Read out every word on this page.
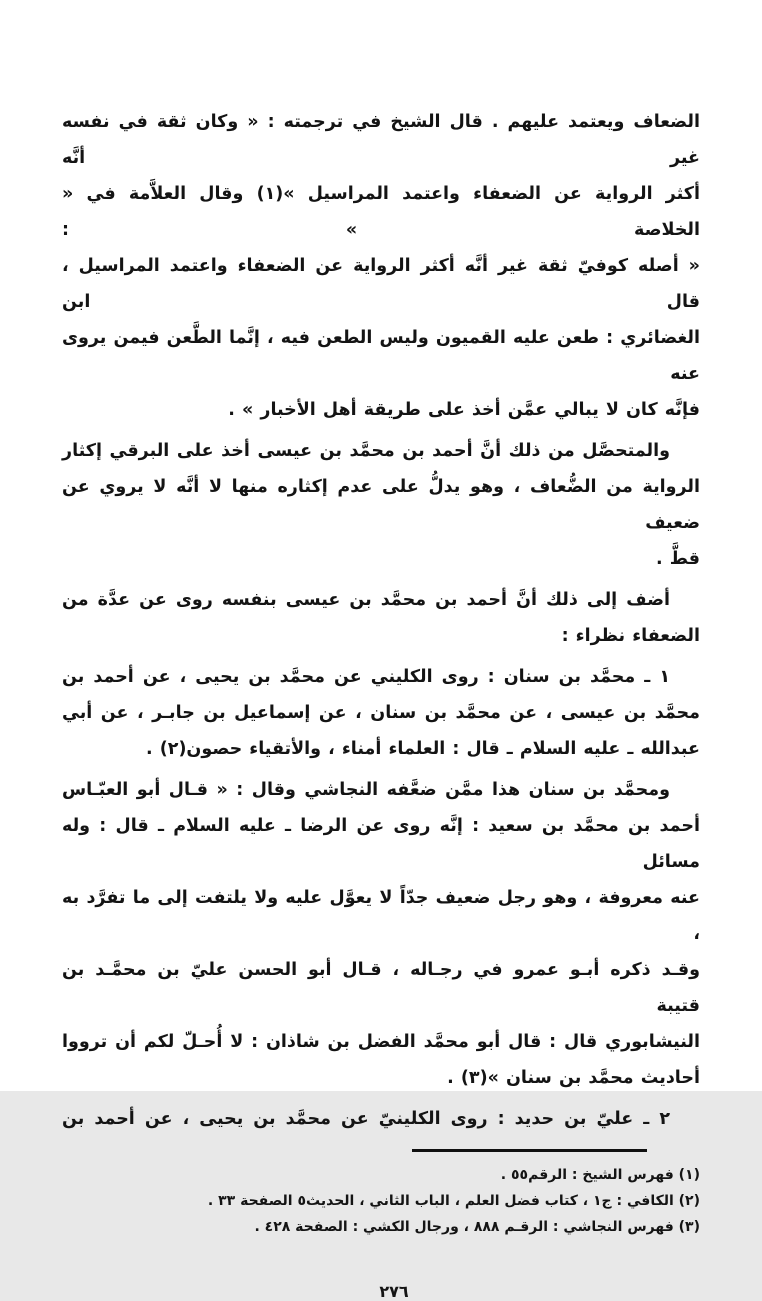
الضعاف ويعتمد عليهم . قال الشيخ في ترجمته : « وكان ثقة في نفسه غير أنَّه
أكثر الرواية عن الضعفاء واعتمد المراسيل »(١) وقال العلاَّمة في « الخلاصة » :
« أصله كوفيّ ثقة غير أنَّه أكثر الرواية عن الضعفاء واعتمد المراسيل ، قال ابن
الغضائري : طعن عليه القميون وليس الطعن فيه ، إنَّما الطَّعن فيمن يروى عنه
فإنَّه كان لا يبالي عمَّن أخذ على طريقة أهل الأخبار » .
والمتحصَّل من ذلك أنَّ أحمد بن محمَّد بن عيسى أخذ على البرقي إكثار
الرواية من الضُّعاف ، وهو يدلُّ على عدم إكثاره منها لا أنَّه لا يروي عن ضعيف
قطَّ .
أضف إلى ذلك أنَّ أحمد بن محمَّد بن عيسى بنفسه روى عن عدَّة من
الضعفاء نظراء :
١ ـ محمَّد بن سنان : روى الكليني عن محمَّد بن يحيى ، عن أحمد بن
محمَّد بن عيسى ، عن محمَّد بن سنان ، عن إسماعيل بن جابـر ، عن أبي
عبدالله ـ عليه السلام ـ قال : العلماء أمناء ، والأتقياء حصون(٢) .
ومحمَّد بن سنان هذا ممَّن ضعَّفه النجاشي وقال : « قـال أبو العبّـاس
أحمد بن محمَّد بن سعيد : إنَّه روى عن الرضا ـ عليه السلام ـ قال : وله مسائل
عنه معروفة ، وهو رجل ضعيف جدّاً لا يعوَّل عليه ولا يلتفت إلى ما تفرَّد به ،
وقـد ذكره أبـو عمرو في رجـاله ، قـال أبو الحسن عليّ بن محمَّـد بن قتيبة
النيشابوري قال : قال أبو محمَّد الفضل بن شاذان : لا أُحـلّ لكم أن ترووا
أحاديث محمَّد بن سنان »(٣) .
٢ ـ عليّ بن حديد : روى الكلينيّ عن محمَّد بن يحيى ، عن أحمد بن
(١) فهرس الشيخ : الرقم٥٥ .
(٢) الكافي : ج١ ، كتاب فضل العلم ، الباب الثاني ، الحديث٥ الصفحة ٣٣ .
(٣) فهرس النجاشي : الرقـم ٨٨٨ ، ورجال الكشي : الصفحة ٤٢٨ .
٢٧٦
